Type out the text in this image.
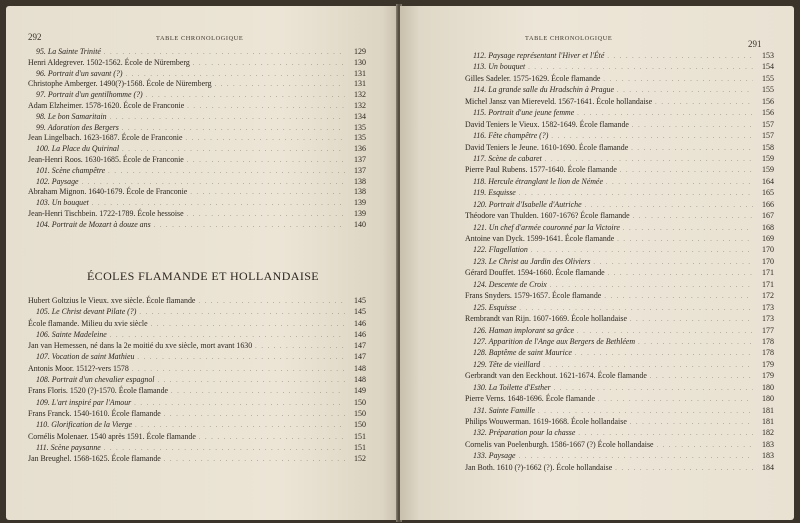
292	TABLE CHRONOLOGIQUE
95. La Sainte Trinité . . .	129
Henri Aldegrever. 1502-1562. École de Nüremberg . . .	130
96. Portrait d'un savant (?) . . .	131
Christophe Amberger. 1490(?)-1568. École de Nüremberg . . .	131
97. Portrait d'un gentilhomme (?) . . .	132
Adam Elzheimer. 1578-1620. École de Franconie . . .	132
98. Le bon Samaritain . . .	134
99. Adoration des Bergers . . .	135
Jean Lingelbach. 1623-1687. École de Franconie . . .	135
100. La Place du Quirinal . . .	136
Jean-Henri Roos. 1630-1685. École de Franconie . . .	137
101. Scène champêtre . . .	137
102. Paysage . . .	138
Abraham Mignon. 1640-1679. École de Franconie . . .	138
103. Un bouquet . . .	139
Jean-Henri Tischbein. 1722-1789. École hessoise . . .	139
104. Portrait de Mozart à douze ans . . .	140
ÉCOLES FLAMANDE ET HOLLANDAISE
Hubert Goltzius le Vieux. xve siècle. École flamande . . .	145
105. Le Christ devant Pilate (?) . . .	145
École flamande. Milieu du xvie siècle . . .	146
106. Sainte Madeleine . . .	146
Jan van Hemessen, né dans la 2e moitié du xve siècle, mort avant 1630 . . .	147
107. Vocation de saint Mathieu . . .	147
Antonis Moor. 1512?-vers 1578 . . .	148
108. Portrait d'un chevalier espagnol . . .	148
Frans Floris. 1520 (?)-1570. École flamande . . .	149
109. L'art inspiré par l'Amour . . .	150
Frans Franck. 1540-1610. École flamande . . .	150
110. Glorification de la Vierge . . .	150
Cornélis Molenaer. 1540 après 1591. École flamande . . .	151
111. Scène paysanne . . .	151
Jan Breughel. 1568-1625. École flamande . . .	152
TABLE CHRONOLOGIQUE
291
112. Paysage représentant l'Hiver et l'Été . . .	153
113. Un bouquet . . .	154
Gilles Sadeler. 1575-1629. École flamande . . .	155
114. La grande salle du Hradschin à Prague . . .	155
Michel Jansz van Miereveld. 1567-1641. École hollandaise . . .	156
115. Portrait d'une jeune femme . . .	156
David Teniers le Vieux. 1582-1649. École flamande . . .	157
116. Fête champêtre (?) . . .	157
David Teniers le Jeune. 1610-1690. École flamande . . .	158
117. Scène de cabaret . . .	159
Pierre Paul Rubens. 1577-1640. École flamande . . .	159
118. Hercule étranglant le lion de Némée . . .	164
119. Esquisse . . .	165
120. Portrait d'Isabelle d'Autriche . . .	166
Théodore van Thulden. 1607-1676? École flamande . . .	167
121. Un chef d'armée couronné par la Victoire . . .	168
Antoine van Dyck. 1599-1641. École flamande . . .	169
122. Flagellation . . .	170
123. Le Christ au Jardin des Oliviers . . .	170
Gérard Douffet. 1594-1660. École flamande . . .	171
124. Descente de Croix . . .	171
Frans Snyders. 1579-1657. École flamande . . .	172
125. Esquisse . . .	173
Rembrandt van Rijn. 1607-1669. École hollandaise . . .	173
126. Haman implorant sa grâce . . .	177
127. Apparition de l'Ange aux Bergers de Bethléem . . .	178
128. Baptême de saint Maurice . . .	178
129. Tête de vieillard . . .	179
Gerbrandt van den Eeckhout. 1621-1674. École flamande . . .	179
130. La Toilette d'Esther . . .	180
Pierre Verns. 1648-1696. École flamande . . .	180
131. Sainte Famille . . .	181
Philips Wouwerman. 1619-1668. École hollandaise . . .	181
132. Préparation pour la chasse . . .	182
Cornelis van Poelenburgh. 1586-1667 (?) École hollandaise . . .	183
133. Paysage . . .	183
Jan Both. 1610 (?)-1662 (?). École hollandaise . . .	184
